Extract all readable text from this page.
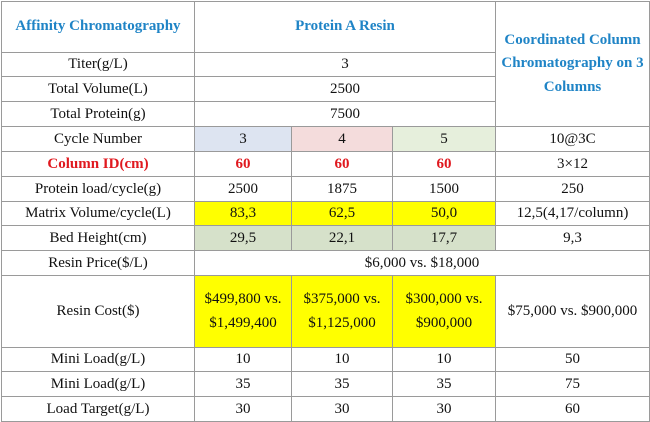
Affinity Chromatography	Protein A Resin			Coordinated Column Chromatography on 3 Columns
Titer(g/L)	3			
Total Volume(L)	2500			
Total Protein(g)	7500			
Cycle Number	3	4	5	10@3C
Column ID(cm)	60	60	60	3×12
Protein load/cycle(g)	2500	1875	1500	250
Matrix Volume/cycle(L)	83,3	62,5	50,0	12,5(4,17/column)
Bed Height(cm)	29,5	22,1	17,7	9,3
Resin Price($/L)	$6,000 vs. $18,000			
Resin Cost($)	$499,800 vs. $1,499,400	$375,000 vs. $1,125,000	$300,000 vs. $900,000	$75,000 vs. $900,000
Mini Load(g/L)	10	10	10	50
Mini Load(g/L)	35	35	35	75
Load Target(g/L)	30	30	30	60
